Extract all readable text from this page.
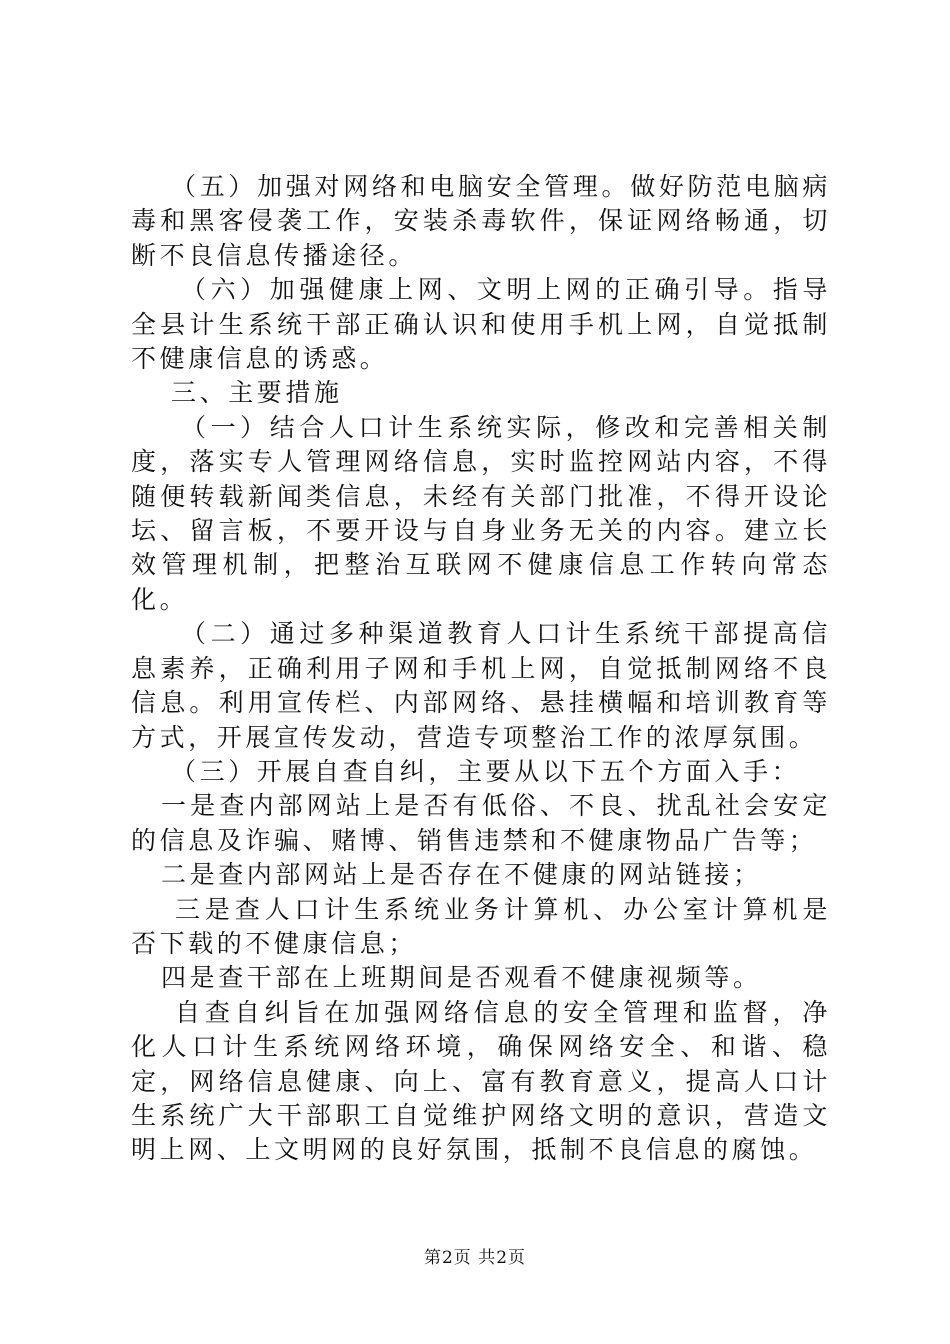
（五）加强对网络和电脑安全管理。做好防范电脑病毒和黑客侵袭工作，安装杀毒软件，保证网络畅通，切断不良信息传播途径。

（六）加强健康上网、文明上网的正确引导。指导全县计生系统干部正确认识和使用手机上网，自觉抵制不健康信息的诱惑。

三、主要措施

（一）结合人口计生系统实际，修改和完善相关制度，落实专人管理网络信息，实时监控网站内容，不得随便转载新闻类信息，未经有关部门批准，不得开设论坛、留言板，不要开设与自身业务无关的内容。建立长效管理机制，把整治互联网不健康信息工作转向常态化。

（二）通过多种渠道教育人口计生系统干部提高信息素养，正确利用子网和手机上网，自觉抵制网络不良信息。利用宣传栏、内部网络、悬挂横幅和培训教育等方式，开展宣传发动，营造专项整治工作的浓厚氛围。

（三）开展自查自纠，主要从以下五个方面入手：

一是查内部网站上是否有低俗、不良、扰乱社会安定的信息及诈骗、赌博、销售违禁和不健康物品广告等；

二是查内部网站上是否存在不健康的网站链接；

三是查人口计生系统业务计算机、办公室计算机是否下载的不健康信息；

四是查干部在上班期间是否观看不健康视频等。

自查自纠旨在加强网络信息的安全管理和监督，净化人口计生系统网络环境，确保网络安全、和谐、稳定，网络信息健康、向上、富有教育意义，提高人口计生系统广大干部职工自觉维护网络文明的意识，营造文明上网、上文明网的良好氛围，抵制不良信息的腐蚀。

第2页 共2页
